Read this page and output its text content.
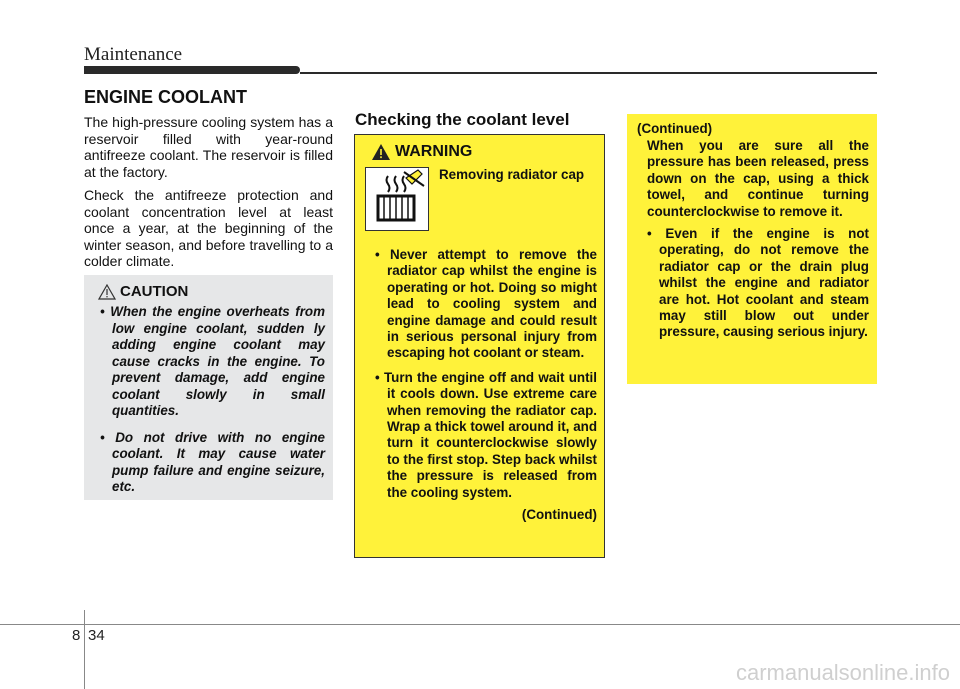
Maintenance
ENGINE COOLANT

The high-pressure cooling system has a reservoir filled with year-round antifreeze coolant. The reservoir is filled at the factory.

Check the antifreeze protection and coolant concentration level at least once a year, at the beginning of the winter season, and before travelling to a colder climate.

CAUTION
• When the engine overheats from low engine coolant, sudden ly adding engine coolant may cause cracks in the engine. To prevent damage, add engine coolant slowly in small quantities.
• Do not drive with no engine coolant. It may cause water pump failure and engine seizure, etc.
Checking the coolant level
WARNING
Removing radiator cap
• Never attempt to remove the radiator cap whilst the engine is operating or hot. Doing so might lead to cooling system and engine damage and could result in serious personal injury from escaping hot coolant or steam.
• Turn the engine off and wait until it cools down. Use extreme care when removing the radiator cap. Wrap a thick towel around it, and turn it counterclockwise slowly to the first stop. Step back whilst the pressure is released from the cooling system.
(Continued)
(Continued)
When you are sure all the pressure has been released, press down on the cap, using a thick towel, and continue turning counterclockwise to remove it.
• Even if the engine is not operating, do not remove the radiator cap or the drain plug whilst the engine and radiator are hot. Hot coolant and steam may still blow out under pressure, causing serious injury.
8 34
carmanualsonline.info
